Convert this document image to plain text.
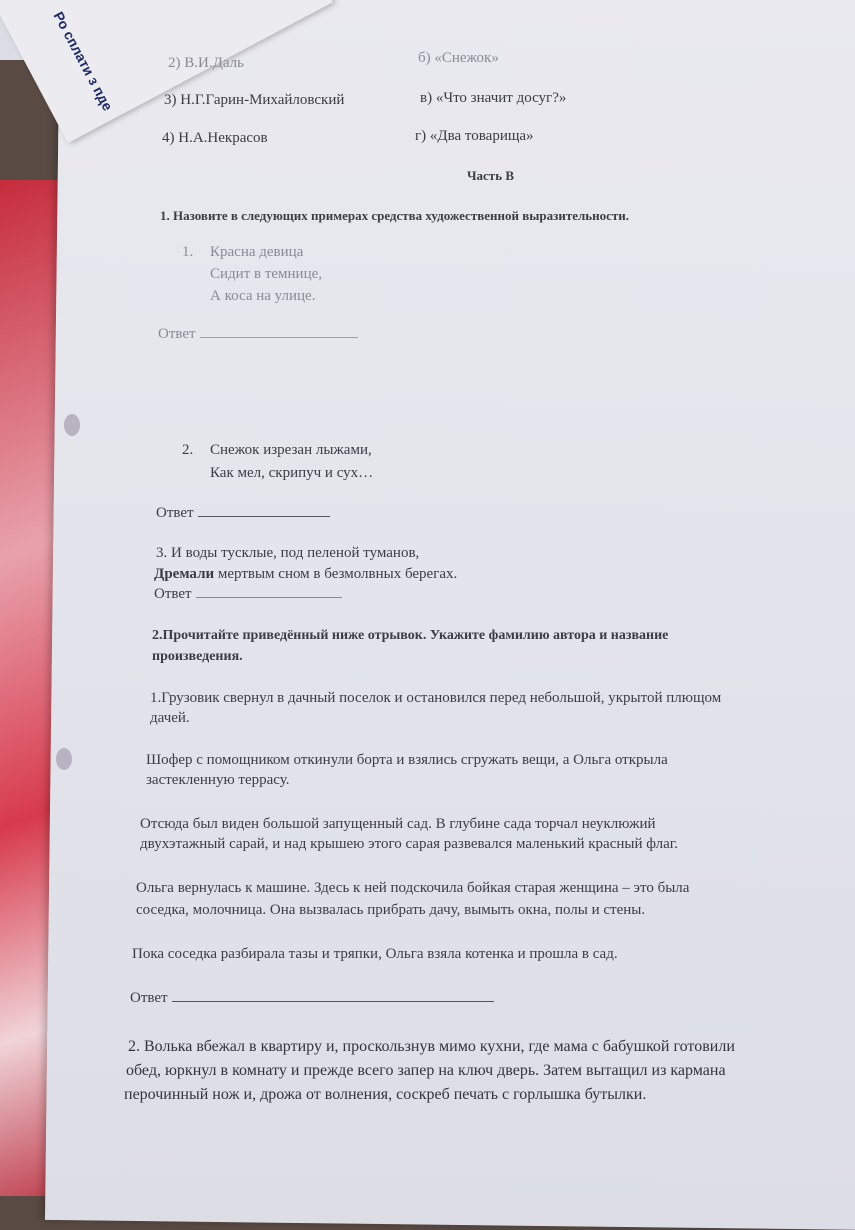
Ро сплати з пде	2) В.И.Даль	б) «Снежок»
3) Н.Г.Гарин-Михайловский	в) «Что значит досуг?»
4) Н.А.Некрасов	г) «Два товарища»
Часть В
1. Назовите в следующих примерах средства художественной выразительности.
1. Красна девица
Сидит в темнице,
А коса на улице.
Ответ
2. Снежок изрезан лыжами,
Как мел, скрипуч и сух…
Ответ
3. И воды тусклые, под пеленой туманов,
Дремали мертвым сном в безмолвных берегах.
Ответ
2.Прочитайте приведённый ниже отрывок. Укажите фамилию автора и название
произведения.
1.Грузовик свернул в дачный поселок и остановился перед небольшой, укрытой плющом
дачей.
Шофер с помощником откинули борта и взялись сгружать вещи, а Ольга открыла
застекленную террасу.
Отсюда был виден большой запущенный сад. В глубине сада торчал неуклюжий
двухэтажный сарай, и над крышею этого сарая развевался маленький красный флаг.
Ольга вернулась к машине. Здесь к ней подскочила бойкая старая женщина – это была
соседка, молочница. Она вызвалась прибрать дачу, вымыть окна, полы и стены.
Пока соседка разбирала тазы и тряпки, Ольга взяла котенка и прошла в сад.
Ответ
2. Волька вбежал в квартиру и, проскользнув мимо кухни, где мама с бабушкой готовили
обед, юркнул в комнату и прежде всего запер на ключ дверь. Затем вытащил из кармана
перочинный нож и, дрожа от волнения, соскреб печать с горлышка бутылки.
